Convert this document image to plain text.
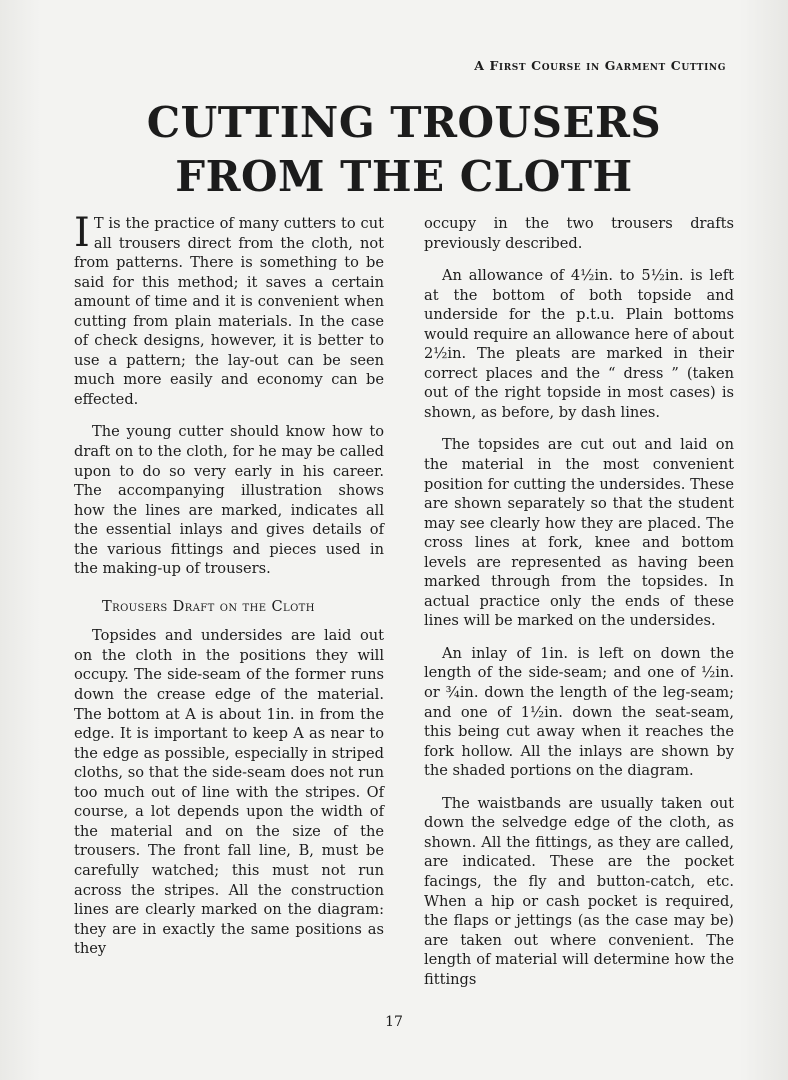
A First Course in Garment Cutting
CUTTING TROUSERS
FROM THE CLOTH

I T is the practice of many cutters to cut all trousers direct from the cloth, not from patterns. There is something to be said for this method; it saves a certain amount of time and it is convenient when cutting from plain materials. In the case of check designs, however, it is better to use a pattern; the lay-out can be seen much more easily and economy can be effected.

The young cutter should know how to draft on to the cloth, for he may be called upon to do so very early in his career. The accompanying illustration shows how the lines are marked, indicates all the essential inlays and gives details of the various fittings and pieces used in the making-up of trousers.

Trousers Draft on the Cloth

Topsides and undersides are laid out on the cloth in the positions they will occupy. The side-seam of the former runs down the crease edge of the material. The bottom at A is about 1in. in from the edge. It is important to keep A as near to the edge as possible, especially in striped cloths, so that the side-seam does not run too much out of line with the stripes. Of course, a lot depends upon the width of the material and on the size of the trousers. The front fall line, B, must be carefully watched; this must not run across the stripes. All the construction lines are clearly marked on the diagram: they are in exactly the same positions as they

occupy in the two trousers drafts previously described.

An allowance of 4½in. to 5½in. is left at the bottom of both topside and underside for the p.t.u. Plain bottoms would require an allowance here of about 2½in. The pleats are marked in their correct places and the “ dress ” (taken out of the right topside in most cases) is shown, as before, by dash lines.

The topsides are cut out and laid on the material in the most convenient position for cutting the undersides. These are shown separately so that the student may see clearly how they are placed. The cross lines at fork, knee and bottom levels are represented as having been marked through from the topsides. In actual practice only the ends of these lines will be marked on the undersides.

An inlay of 1in. is left on down the length of the side-seam; and one of ½in. or ¾in. down the length of the leg-seam; and one of 1½in. down the seat-seam, this being cut away when it reaches the fork hollow. All the inlays are shown by the shaded portions on the diagram.

The waistbands are usually taken out down the selvedge edge of the cloth, as shown. All the fittings, as they are called, are indicated. These are the pocket facings, the fly and button-catch, etc. When a hip or cash pocket is required, the flaps or jettings (as the case may be) are taken out where convenient. The length of material will determine how the fittings

17
